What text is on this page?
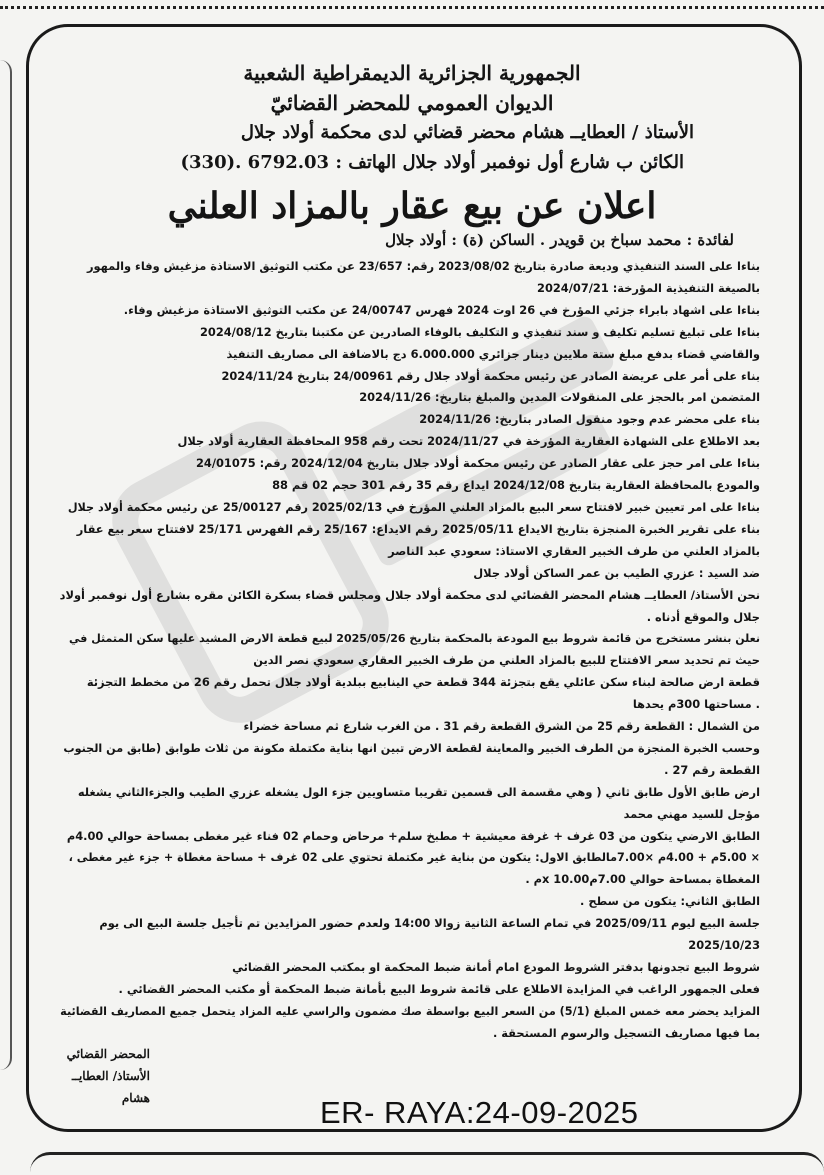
الجمهورية الجزائرية الديمقراطية الشعبية
الديوان العمومي للمحضر القضائيّ
الأستاذ / العطايــ هشام محضر قضائي لدى محكمة أولاد جلال
الكائن ب شارع أول نوفمبر أولاد جلال الهاتف : 6792.03 .(330)
اعلان عن بيع عقار بالمزاد العلني
لفائدة : محمد سباخ بن قويدر . الساكن (ة) : أولاد جلال

بناءا على السند التنفيذي وديعة صادرة بتاريخ 2023/08/02 رقم: 23/657 عن مكتب التوثيق الاستاذة مزغيش وفاء والمهور

بالصيغة التنفيذية المؤرخة: 2024/07/21

بناءا على اشهاد بابراء جزئي المؤرخ في 26 اوت 2024 فهرس 24/00747 عن مكتب التوثيق الاستاذة مزغيش وفاء.

بناءا على تبليغ تسليم تكليف و سند تنفيذي و التكليف بالوفاء الصادرين عن مكتبنا بتاريخ 2024/08/12

والقاضي قضاء بدفع مبلغ ستة ملايين دينار جزائري 6.000.000 دج بالاضافة الى مصاريف التنفيذ

بناء على أمر على عريضة الصادر عن رئيس محكمة أولاد جلال رقم 24/00961 بتاريخ 2024/11/24

المتضمن امر بالحجز على المنقولات المدين والمبلغ بتاريخ: 2024/11/26

بناء على محضر عدم وجود منقول الصادر بتاريخ: 2024/11/26

بعد الاطلاع على الشهادة العقارية المؤرخة في 2024/11/27 تحت رقم 958 المحافظة العقارية أولاد جلال

بناءا على امر حجز على عقار الصادر عن رئيس محكمة أولاد جلال بتاريخ 2024/12/04 رقم: 24/01075

والمودع بالمحافظة العقارية بتاريخ 2024/12/08 ايداع رقم 35 رقم 301 حجم 02 قم 88

بناءا على امر تعيين خبير لافتتاح سعر البيع بالمزاد العلني المؤرخ في 2025/02/13 رقم 25/00127 عن رئيس محكمة أولاد جلال

بناء على تقرير الخبرة المنجزة بتاريخ الايداع 2025/05/11 رقم الايداع: 25/167 رقم الفهرس 25/171 لافتتاح سعر بيع عقار

بالمزاد العلني من طرف الخبير العقاري الاستاذ: سعودي عبد الناصر

ضد السيد : عزري الطيب بن عمر الساكن أولاد جلال

نحن الأستاذ/ العطايــ هشام المحضر القضائي لدى محكمة أولاد جلال ومجلس قضاء بسكرة الكائن مقره بشارع أول نوفمبر أولاد

جلال والموقع أدناه .

نعلن بنشر مستخرج من قائمة شروط بيع المودعة بالمحكمة بتاريخ 2025/05/26 لبيع قطعة الارض المشيد عليها سكن المتمثل في

حيث تم تحديد سعر الافتتاح للبيع بالمزاد العلني من طرف الخبير العقاري سعودي نصر الدين

قطعة ارض صالحة لبناء سكن عائلي يقع بتجزئة 344 قطعة حي الينابيع ببلدية أولاد جلال تحمل رقم 26 من مخطط التجزئة

. مساحتها 300م يحدها

من الشمال : القطعة رقم 25 من الشرق القطعة رقم 31 . من الغرب شارع ثم مساحة خضراء

وحسب الخبرة المنجزة من الطرف الخبير والمعاينة لقطعة الارض تبين انها بناية مكتملة مكونة من ثلاث طوابق (طابق من الجنوب

القطعة رقم 27 .

ارض طابق الأول طابق ثاني ( وهي مقسمة الى قسمين تقريبا متساويين جزء الول يشغله عزري الطيب والجزءالثاني يشغله

مؤجل للسيد مهني محمد

الطابق الارضي يتكون من 03 غرف + غرفة معيشية + مطبخ سلم+ مرحاض وحمام 02 فناء غير مغطى بمساحة حوالي 4.00م

× 5.00م + 4.00م ×7.00مالطابق الاول: يتكون من بناية غير مكتملة تحتوي على 02 غرف + مساحة مغطاة + جزء غير مغطى ،

المغطاة بمساحة حوالي 7.00مx 10.00م .

الطابق الثاني: يتكون من سطح .

جلسة البيع ليوم 2025/09/11 في تمام الساعة الثانية زوالا 14:00 ولعدم حضور المزايدين تم تأجيل جلسة البيع الى يوم

2025/10/23

شروط البيع تجدونها بدفتر الشروط المودع امام أمانة ضبط المحكمة او بمكتب المحضر القضائي

فعلى الجمهور الراغب في المزايدة الاطلاع على قائمة شروط البيع بأمانة ضبط المحكمة أو مكتب المحضر القضائي .

المزايد يحضر معه خمس المبلغ (5/1) من السعر البيع بواسطة صك مضمون والراسي عليه المزاد يتحمل جميع المصاريف القضائية

بما فيها مصاريف التسجيل والرسوم المستحقة .

المحضر القضائي
الأستاذ/ العطايــ هشام	ER- RAYA:24-09-2025
